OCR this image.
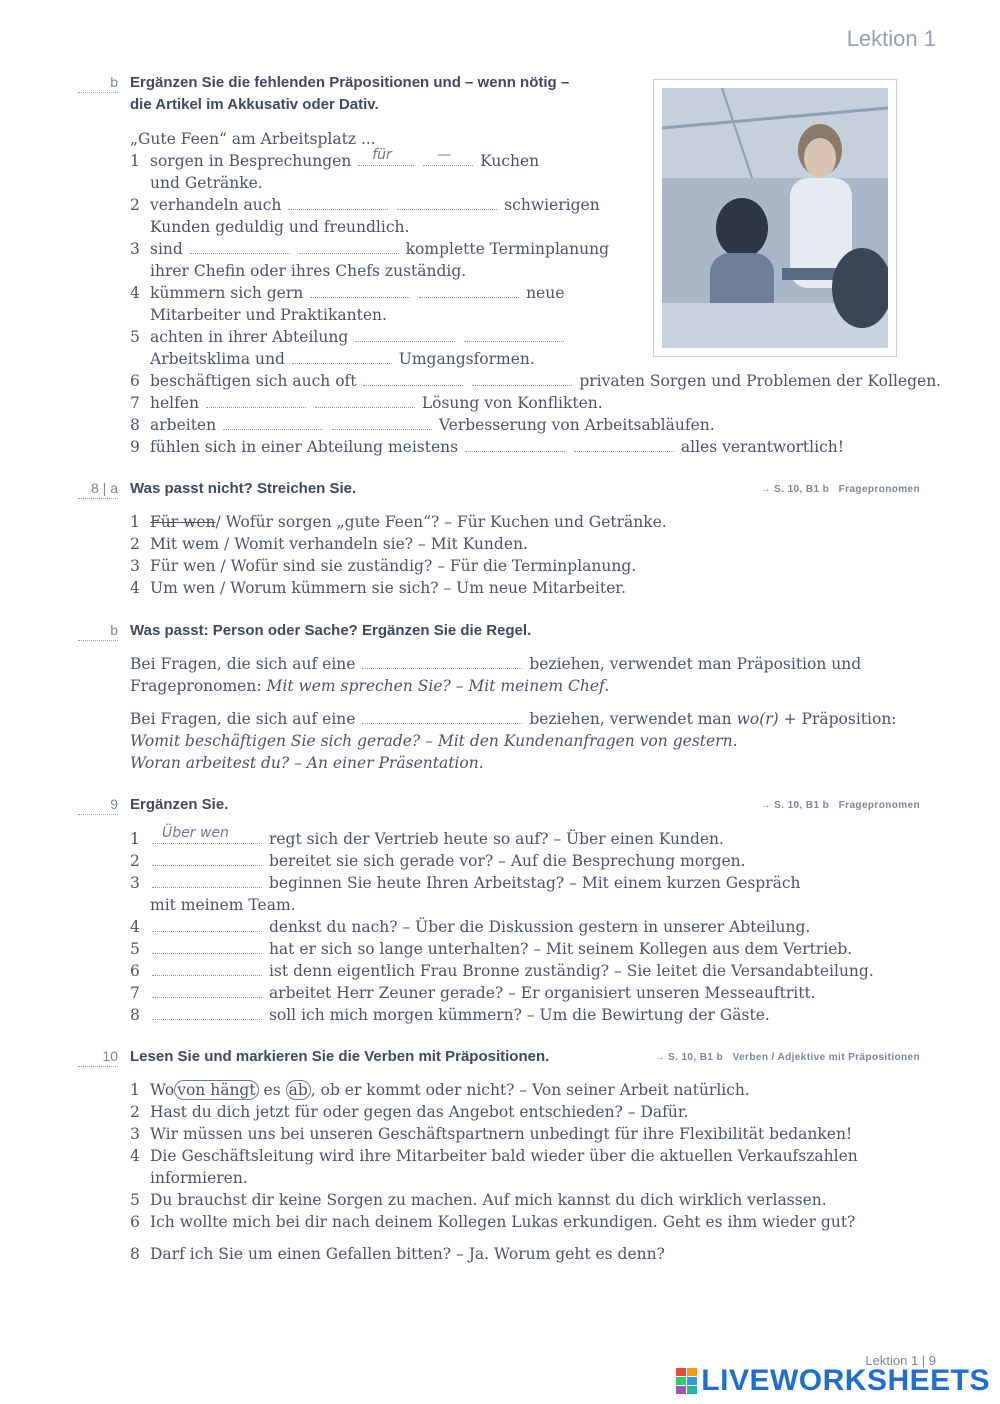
Lektion 1
b Ergänzen Sie die fehlenden Präpositionen und – wenn nötig –
die Artikel im Akkusativ oder Dativ.
„Gute Feen“ am Arbeitsplatz ...
1 sorgen in Besprechungen für
	— Kuchen
und Getränke.
2 verhandeln auch	schwierigen
Kunden geduldig und freundlich.
3 sind	komplette Terminplanung
ihrer Chefin oder ihres Chefs zuständig.
4 kümmern sich gern	neue
Mitarbeiter und Praktikanten.
5 achten in ihrer Abteilung
Arbeitsklima und	Umgangsformen.
6 beschäftigen sich auch oft	privaten Sorgen und Problemen der Kollegen.
7 helfen	Lösung von Konflikten.
8 arbeiten	Verbesserung von Arbeitsabläufen.
9 fühlen sich in einer Abteilung meistens	alles verantwortlich!
8 | a Was passt nicht? Streichen Sie.	→ S. 10, B1 b Fragepronomen
1 Für wen/ Wofür sorgen „gute Feen“? – Für Kuchen und Getränke.
2 Mit wem / Womit verhandeln sie? – Mit Kunden.
3 Für wen / Wofür sind sie zuständig? – Für die Terminplanung.
4 Um wen / Worum kümmern sie sich? – Um neue Mitarbeiter.
b Was passt: Person oder Sache? Ergänzen Sie die Regel.
Bei Fragen, die sich auf eine	beziehen, verwendet man Präposition und
Fragepronomen: Mit wem sprechen Sie? – Mit meinem Chef.
Bei Fragen, die sich auf eine	beziehen, verwendet man wo(r) + Präposition:
Womit beschäftigen Sie sich gerade? – Mit den Kundenanfragen von gestern.
Woran arbeitest du? – An einer Präsentation.
9 Ergänzen Sie.	→ S. 10, B1 b Fragepronomen
1 Über wen	regt sich der Vertrieb heute so auf? – Über einen Kunden.
2	bereitet sie sich gerade vor? – Auf die Besprechung morgen.
3	beginnen Sie heute Ihren Arbeitstag? – Mit einem kurzen Gespräch
mit meinem Team.
4	denkst du nach? – Über die Diskussion gestern in unserer Abteilung.
5	hat er sich so lange unterhalten? – Mit seinem Kollegen aus dem Vertrieb.
6	ist denn eigentlich Frau Bronne zuständig? – Sie leitet die Versandabteilung.
7	arbeitet Herr Zeuner gerade? – Er organisiert unseren Messeauftritt.
8	soll ich mich morgen kümmern? – Um die Bewirtung der Gäste.
10 Lesen Sie und markieren Sie die Verben mit Präpositionen.	→ S. 10, B1 b Verben / Adjektive mit Präpositionen
1 Wo von hängt es ab , ob er kommt oder nicht? – Von seiner Arbeit natürlich.
2 Hast du dich jetzt für oder gegen das Angebot entschieden? – Dafür.
3 Wir müssen uns bei unseren Geschäftspartnern unbedingt für ihre Flexibilität bedanken!
4 Die Geschäftsleitung wird ihre Mitarbeiter bald wieder über die aktuellen Verkaufszahlen
informieren.
5 Du brauchst dir keine Sorgen zu machen. Auf mich kannst du dich wirklich verlassen.
6 Ich wollte mich bei dir nach deinem Kollegen Lukas erkundigen. Geht es ihm wieder gut?
8 Darf ich Sie um einen Gefallen bitten? – Ja. Worum geht es denn?
Lektion 1 | 9
LIVEWORKSHEETS
